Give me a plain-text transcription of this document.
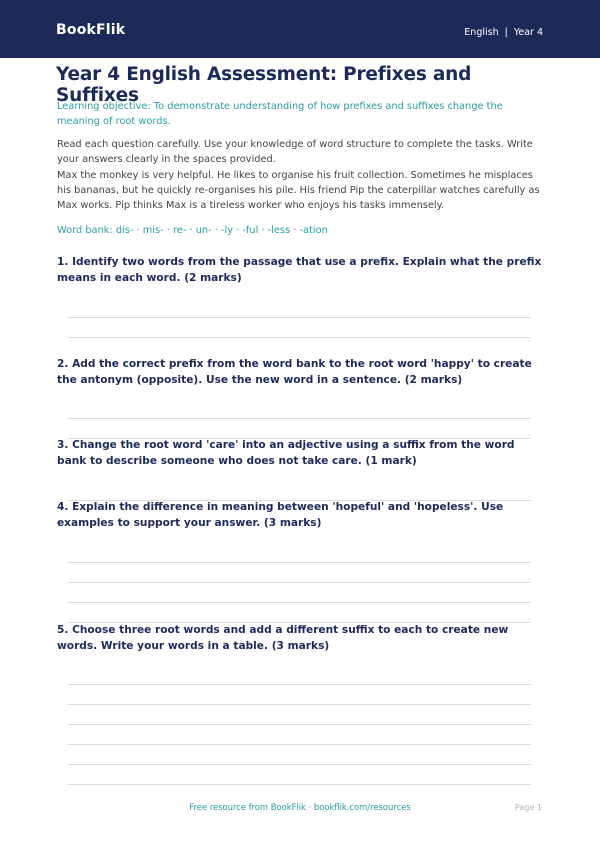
BookFlik	English | Year 4
Year 4 English Assessment: Prefixes and Suffixes

Learning objective: To demonstrate understanding of how prefixes and suffixes change the meaning of root words.

Read each question carefully. Use your knowledge of word structure to complete the tasks. Write your answers clearly in the spaces provided.

Max the monkey is very helpful. He likes to organise his fruit collection. Sometimes he misplaces his bananas, but he quickly re-organises his pile. His friend Pip the caterpillar watches carefully as Max works. Pip thinks Max is a tireless worker who enjoys his tasks immensely.

Word bank: dis- · mis- · re- · un- · -ly · -ful · -less · -ation

1. Identify two words from the passage that use a prefix. Explain what the prefix means in each word. (2 marks)
2. Add the correct prefix from the word bank to the root word 'happy' to create the antonym (opposite). Use the new word in a sentence. (2 marks)
3. Change the root word 'care' into an adjective using a suffix from the word bank to describe someone who does not take care. (1 mark)
4. Explain the difference in meaning between 'hopeful' and 'hopeless'. Use examples to support your answer. (3 marks)
5. Choose three root words and add a different suffix to each to create new words. Write your words in a table. (3 marks)
Free resource from BookFlik · bookflik.com/resources	Page 1
